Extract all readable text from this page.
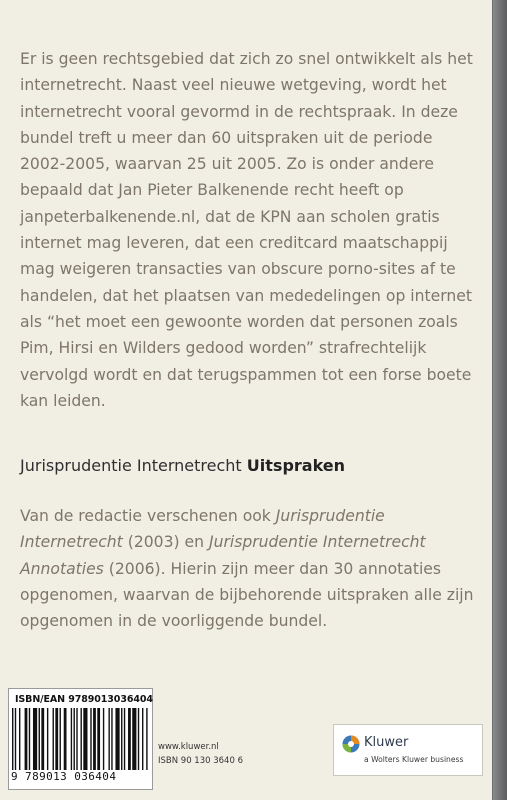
Er is geen rechtsgebied dat zich zo snel ontwikkelt als het internetrecht. Naast veel nieuwe wetgeving, wordt het internetrecht vooral gevormd in de rechtspraak. In deze bundel treft u meer dan 60 uitspraken uit de periode 2002-2005, waarvan 25 uit 2005. Zo is onder andere bepaald dat Jan Pieter Balkenende recht heeft op janpeterbalkenende.nl, dat de KPN aan scholen gratis internet mag leveren, dat een creditcard maatschappij mag weigeren transacties van obscure porno-sites af te handelen, dat het plaatsen van mededelingen op internet als “het moet een gewoonte worden dat personen zoals Pim, Hirsi en Wilders gedood worden” strafrechtelijk vervolgd wordt en dat terugspammen tot een forse boete kan leiden.

Jurisprudentie Internetrecht Uitspraken

Van de redactie verschenen ook Jurisprudentie Internetrecht (2003) en Jurisprudentie Internetrecht Annotaties (2006). Hierin zijn meer dan 30 annotaties opgenomen, waarvan de bijbehorende uitspraken alle zijn opgenomen in de voorliggende bundel.

ISBN/EAN 9789013036404
9 789013 036404
www.kluwer.nl
ISBN 90 130 3640 6
Kluwer
a Wolters Kluwer business
